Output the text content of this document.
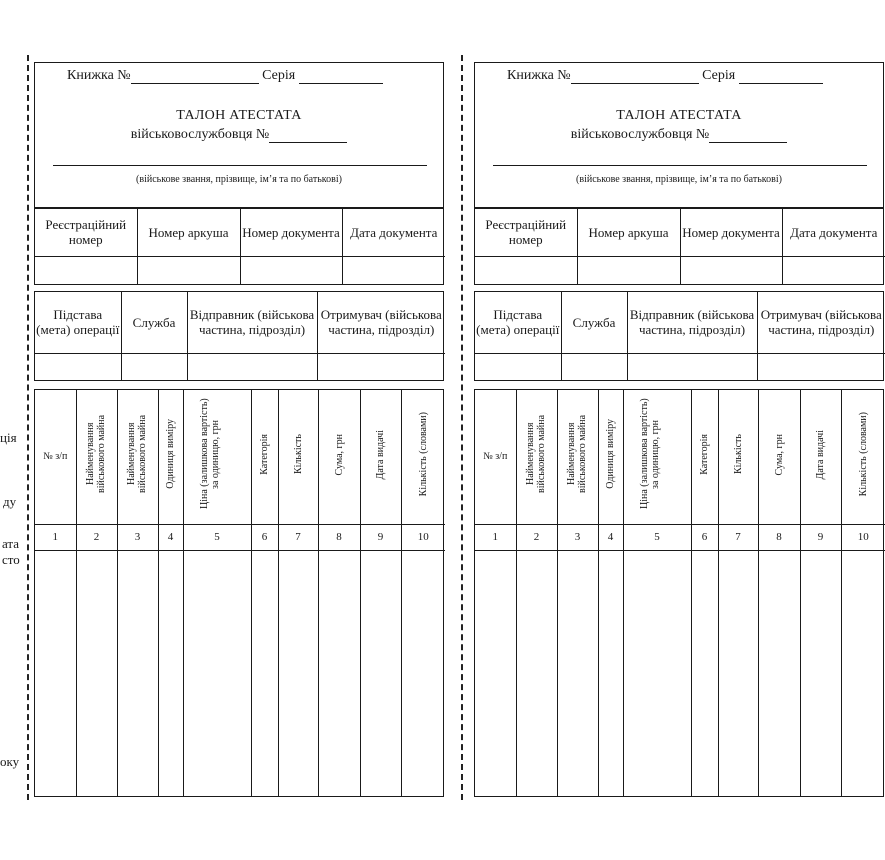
ція
ду
ата
сто
оку
Книжка №	Серія
ТАЛОН АТЕСТАТА
військовослужбовця №
(військове звання, прізвище, ім’я та по батькові)
Реєстраційний номер	Номер аркуша	Номер документа	Дата документа

Підстава (мета) операції	Служба	Відправник (військова частина, підрозділ)	Отримувач (військова частина, підрозділ)

№ з/п	Найменування військового майна	Найменування військового майна	Одиниця виміру	Ціна (залишкова вартість) за одиницю, грн	Категорія	Кількість	Сума, грн	Дата видачі	Кількість (словами)
1	2	3	4	5	6	7	8	9	10

Книжка №	Серія
ТАЛОН АТЕСТАТА
військовослужбовця №
(військове звання, прізвище, ім’я та по батькові)
Реєстраційний номер	Номер аркуша	Номер документа	Дата документа

Підстава (мета) операції	Служба	Відправник (військова частина, підрозділ)	Отримувач (військова частина, підрозділ)

№ з/п	Найменування військового майна	Найменування військового майна	Одиниця виміру	Ціна (залишкова вартість) за одиницю, грн	Категорія	Кількість	Сума, грн	Дата видачі	Кількість (словами)
1	2	3	4	5	6	7	8	9	10
